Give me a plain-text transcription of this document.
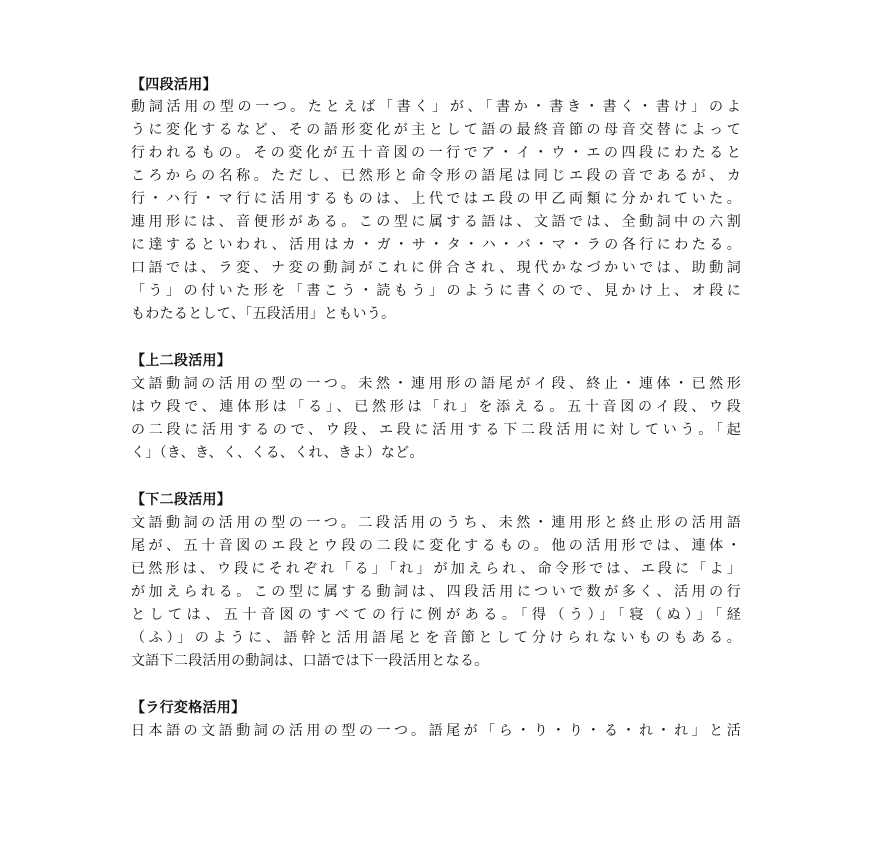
【四段活用】
動詞活用の型の一つ。たとえば「書く」が、「書か・書き・書く・書け」のよ
うに変化するなど、その語形変化が主として語の最終音節の母音交替によって
行われるもの。その変化が五十音図の一行でア・イ・ウ・エの四段にわたると
ころからの名称。ただし、已然形と命令形の語尾は同じエ段の音であるが、カ
行・ハ行・マ行に活用するものは、上代ではエ段の甲乙両類に分かれていた。
連用形には、音便形がある。この型に属する語は、文語では、全動詞中の六割
に達するといわれ、活用はカ・ガ・サ・タ・ハ・バ・マ・ラの各行にわたる。
口語では、ラ変、ナ変の動詞がこれに併合され、現代かなづかいでは、助動詞
「う」の付いた形を「書こう・読もう」のように書くので、見かけ上、オ段に
もわたるとして、「五段活用」ともいう。
【上二段活用】
文語動詞の活用の型の一つ。未然・連用形の語尾がイ段、終止・連体・已然形
はウ段で、連体形は「る」、已然形は「れ」を添える。五十音図のイ段、ウ段
の二段に活用するので、ウ段、エ段に活用する下二段活用に対していう。「起
く」（き、き、く、くる、くれ、きよ）など。
【下二段活用】
文語動詞の活用の型の一つ。二段活用のうち、未然・連用形と終止形の活用語
尾が、五十音図のエ段とウ段の二段に変化するもの。他の活用形では、連体・
已然形は、ウ段にそれぞれ「る」「れ」が加えられ、命令形では、エ段に「よ」
が加えられる。この型に属する動詞は、四段活用についで数が多く、活用の行
としては、五十音図のすべての行に例がある。「得（う）」「寝（ぬ）」「経
（ふ）」のように、語幹と活用語尾とを音節として分けられないものもある。
文語下二段活用の動詞は、口語では下一段活用となる。
【ラ行変格活用】
日本語の文語動詞の活用の型の一つ。語尾が「ら・り・り・る・れ・れ」と活
